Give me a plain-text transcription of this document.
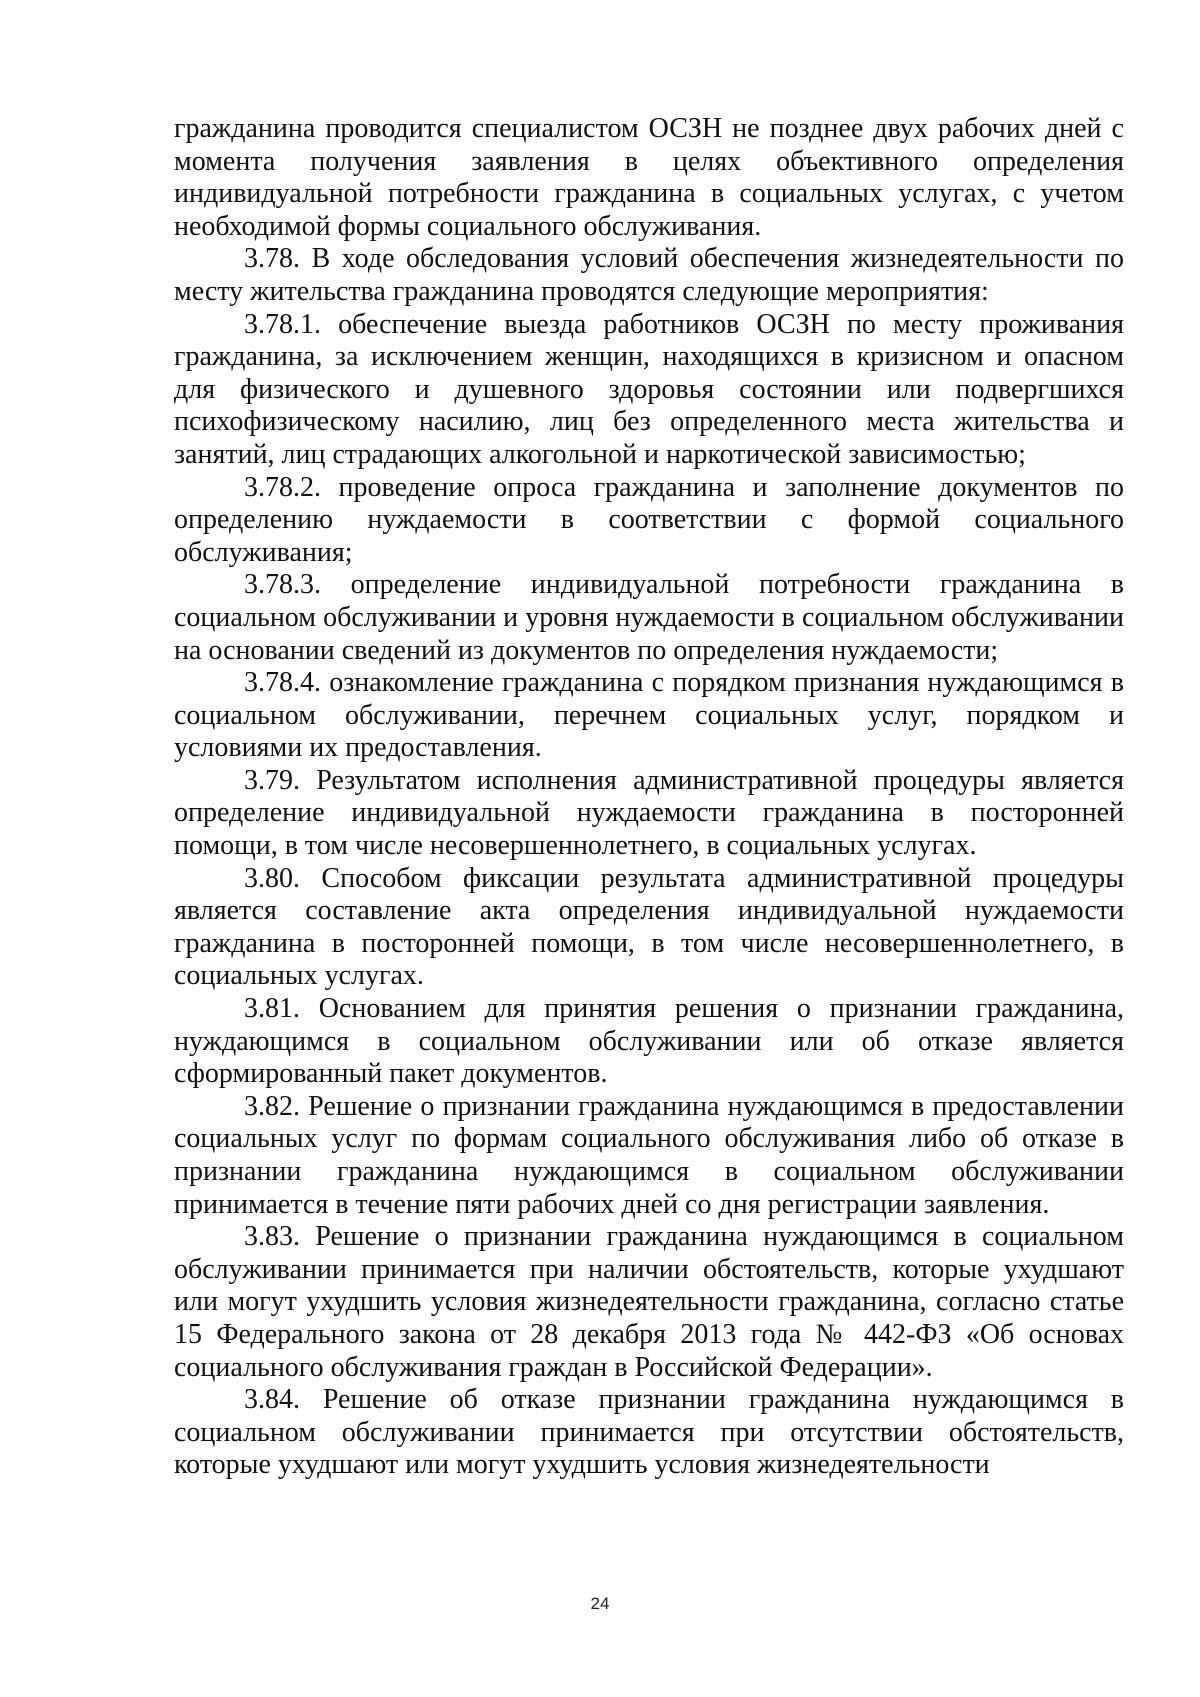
гражданина проводится специалистом ОСЗН не позднее двух рабочих дней с момента получения заявления в целях объективного определения индивидуальной потребности гражданина в социальных услугах, с учетом необходимой формы социального обслуживания.

3.78. В ходе обследования условий обеспечения жизнедеятельности по месту жительства гражданина проводятся следующие мероприятия:

3.78.1. обеспечение выезда работников ОСЗН по месту проживания гражданина, за исключением женщин, находящихся в кризисном и опасном для физического и душевного здоровья состоянии или подвергшихся психофизическому насилию, лиц без определенного места жительства и занятий, лиц страдающих алкогольной и наркотической зависимостью;

3.78.2. проведение опроса гражданина и заполнение документов по определению нуждаемости в соответствии с формой социального обслуживания;

3.78.3. определение индивидуальной потребности гражданина в социальном обслуживании и уровня нуждаемости в социальном обслуживании на основании сведений из документов по определения нуждаемости;

3.78.4. ознакомление гражданина с порядком признания нуждающимся в социальном обслуживании, перечнем социальных услуг, порядком и условиями их предоставления.

3.79. Результатом исполнения административной процедуры является определение индивидуальной нуждаемости гражданина в посторонней помощи, в том числе несовершеннолетнего, в социальных услугах.

3.80. Способом фиксации результата административной процедуры является составление акта определения индивидуальной нуждаемости гражданина в посторонней помощи, в том числе несовершеннолетнего, в социальных услугах.

3.81. Основанием для принятия решения о признании гражданина, нуждающимся в социальном обслуживании или об отказе является сформированный пакет документов.

3.82. Решение о признании гражданина нуждающимся в предоставлении социальных услуг по формам социального обслуживания либо об отказе в признании гражданина нуждающимся в социальном обслуживании принимается в течение пяти рабочих дней со дня регистрации заявления.

3.83. Решение о признании гражданина нуждающимся в социальном обслуживании принимается при наличии обстоятельств, которые ухудшают или могут ухудшить условия жизнедеятельности гражданина, согласно статье 15 Федерального закона от 28 декабря 2013 года № 442-ФЗ «Об основах социального обслуживания граждан в Российской Федерации».

3.84. Решение об отказе признании гражданина нуждающимся в социальном обслуживании принимается при отсутствии обстоятельств, которые ухудшают или могут ухудшить условия жизнедеятельности

24
